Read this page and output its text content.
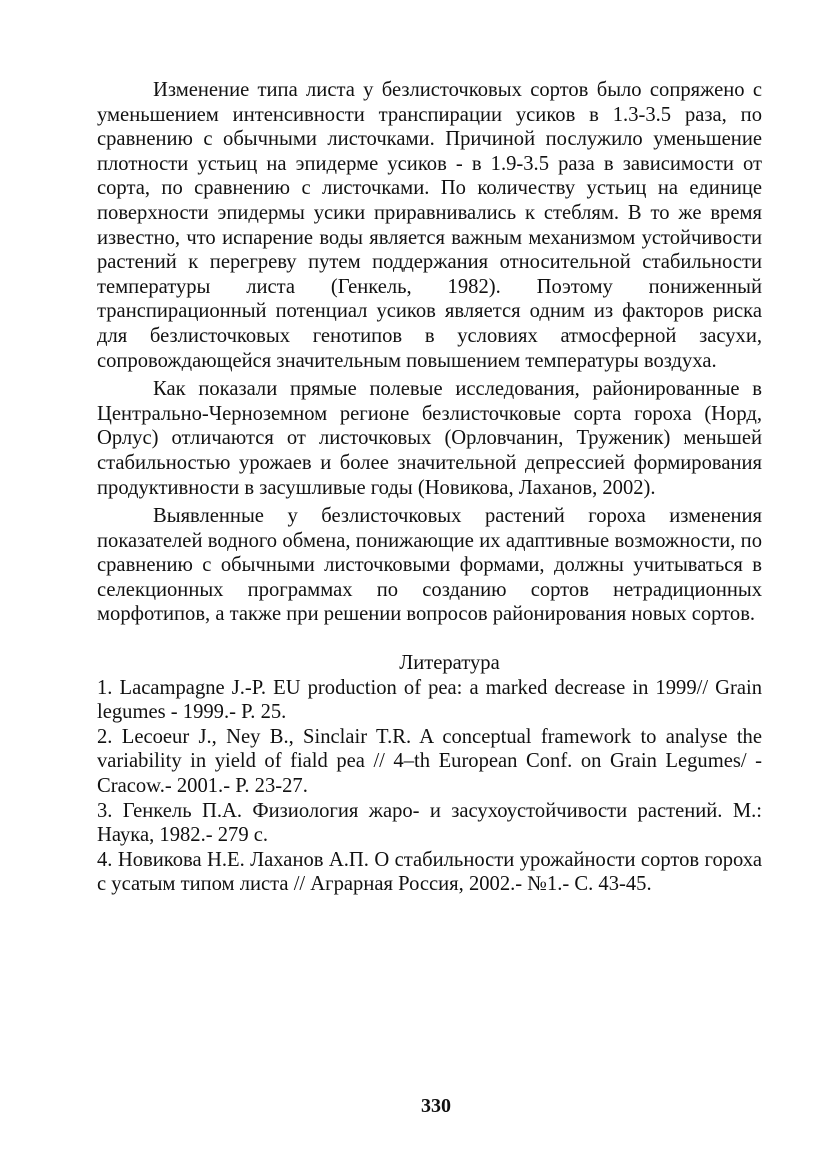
Изменение типа листа у безлисточковых сортов было сопряжено с уменьшением интенсивности транспирации усиков в 1.3-3.5 раза, по сравнению с обычными листочками. Причиной послужило уменьшение плотности устьиц на эпидерме усиков - в 1.9-3.5 раза в зависимости от сорта, по сравнению с листочками. По количеству устьиц на единице поверхности эпидермы усики приравнивались к стеблям. В то же время известно, что испарение воды является важным механизмом устойчивости растений к перегреву путем поддержания относительной стабильности температуры листа (Генкель, 1982). Поэтому пониженный транспирационный потенциал усиков является одним из факторов риска для безлисточковых генотипов в условиях атмосферной засухи, сопровождающейся значительным повышением температуры воздуха.

Как показали прямые полевые исследования, районированные в Центрально-Черноземном регионе безлисточковые сорта гороха (Норд, Орлус) отличаются от листочковых (Орловчанин, Труженик) меньшей стабильностью урожаев и более значительной депрессией формирования продуктивности в засушливые годы (Новикова, Лаханов, 2002).

Выявленные у безлисточковых растений гороха изменения показателей водного обмена, понижающие их адаптивные возможности, по сравнению с обычными листочковыми формами, должны учитываться в селекционных программах по созданию сортов нетрадиционных морфотипов, а также при решении вопросов районирования новых сортов.

Литература
1. Lacampagne J.-P. EU production of pea: a marked decrease in 1999// Grain legumes - 1999.- P. 25.
2. Lecoeur J., Ney B., Sinclair T.R. A conceptual framework to analyse the variability in yield of fiald pea // 4–th European Conf. on Grain Legumes/ - Cracow.- 2001.- P. 23-27.
3. Генкель П.А. Физиология жаро- и засухоустойчивости растений. М.: Наука, 1982.- 279 с.
4. Новикова Н.Е. Лаханов А.П. О стабильности урожайности сортов гороха с усатым типом листа // Аграрная Россия, 2002.- №1.- С. 43-45.
330
